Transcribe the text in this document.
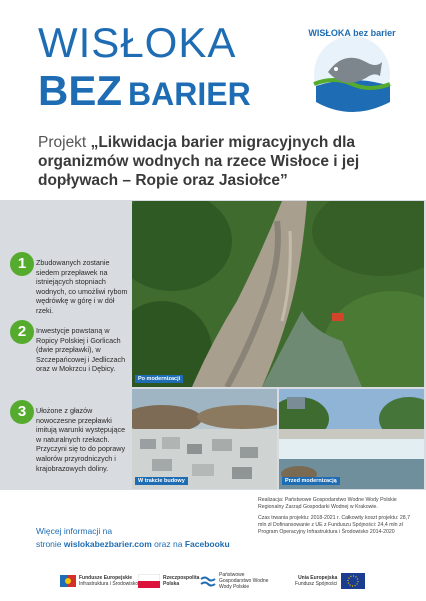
WISŁOKA
BEZ BARIER
WISŁOKA bez barier
Projekt „Likwidacja barier migracyjnych dla organizmów wodnych na rzece Wisłoce i jej dopływach – Ropie oraz Jasiołce”
1	Zbudowanych zostanie siedem przepławek na istniejących stopniach wodnych, co umożliwi rybom wędrówkę w górę i w dół rzeki.
2	Inwestycje powstaną w Ropicy Polskiej i Gorlicach (dwie przepławki), w Szczepańcowej i Jedliczach oraz w Mokrzcu i Dębicy.
3	Ułożone z głazów nowoczesne przepławki imitują warunki występujące w naturalnych rzekach. Przyczyni się to do poprawy walorów przyrodniczych i krajobrazowych doliny.
Po modernizacji
W trakcie budowy	Przed modernizacją

Realizacja: Państwowe Gospodarstwo Wodne Wody Polskie Regionalny Zarząd Gospodarki Wodnej w Krakowie.

Czas trwania projektu: 2018-2021 r. Całkowity koszt projektu: 28,7 mln zł Dofinansowanie z UE z Funduszu Spójności: 24,4 mln zł Program Operacyjny Infrastruktura i Środowisko 2014-2020

Więcej informacji na
stronie wislokabezbarier.com oraz na Facebooku
Fundusze Europejskie
Infrastruktura i Środowisko
Rzeczpospolita Polska
Państwowe Gospodarstwo Wodne Wody Polskie
Unia Europejska
Fundusz Spójności
